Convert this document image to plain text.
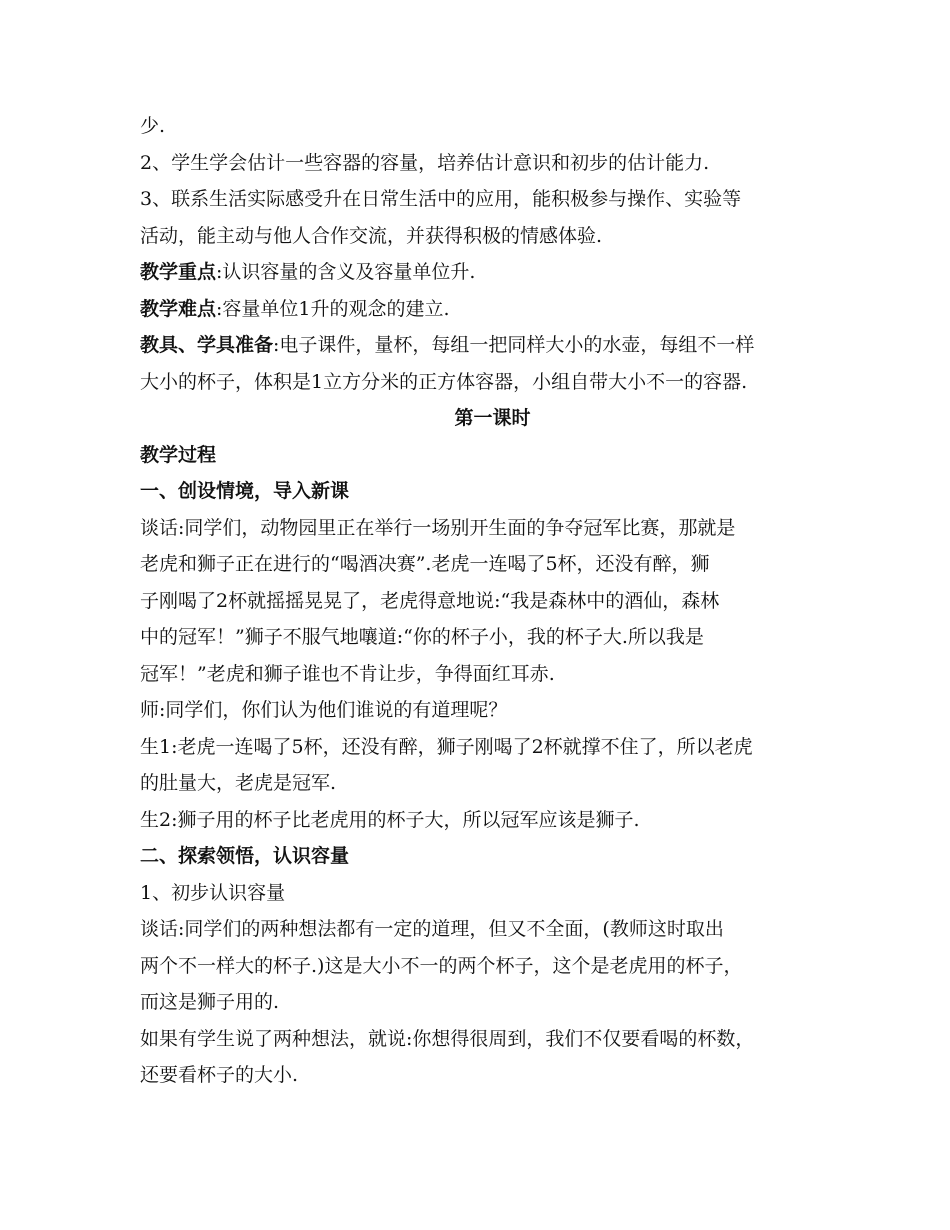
少.
2、学生学会估计一些容器的容量，培养估计意识和初步的估计能力.
3、联系生活实际感受升在日常生活中的应用，能积极参与操作、实验等
活动，能主动与他人合作交流，并获得积极的情感体验.
教学重点:认识容量的含义及容量单位升.
教学难点:容量单位1升的观念的建立.
教具、学具准备:电子课件，量杯，每组一把同样大小的水壶，每组不一样
大小的杯子，体积是1立方分米的正方体容器，小组自带大小不一的容器.
第一课时
教学过程
一、创设情境，导入新课
谈话:同学们，动物园里正在举行一场别开生面的争夺冠军比赛，那就是
老虎和狮子正在进行的“喝酒决赛”.老虎一连喝了5杯，还没有醉，狮
子刚喝了2杯就摇摇晃晃了，老虎得意地说:“我是森林中的酒仙，森林
中的冠军！”狮子不服气地嚷道:“你的杯子小，我的杯子大.所以我是
冠军！”老虎和狮子谁也不肯让步，争得面红耳赤.
师:同学们，你们认为他们谁说的有道理呢？
生1:老虎一连喝了5杯，还没有醉，狮子刚喝了2杯就撑不住了，所以老虎
的肚量大，老虎是冠军.
生2:狮子用的杯子比老虎用的杯子大，所以冠军应该是狮子.
二、探索领悟，认识容量
1、初步认识容量
谈话:同学们的两种想法都有一定的道理，但又不全面，(教师这时取出
两个不一样大的杯子.)这是大小不一的两个杯子，这个是老虎用的杯子，
而这是狮子用的.
如果有学生说了两种想法，就说:你想得很周到，我们不仅要看喝的杯数，
还要看杯子的大小.
